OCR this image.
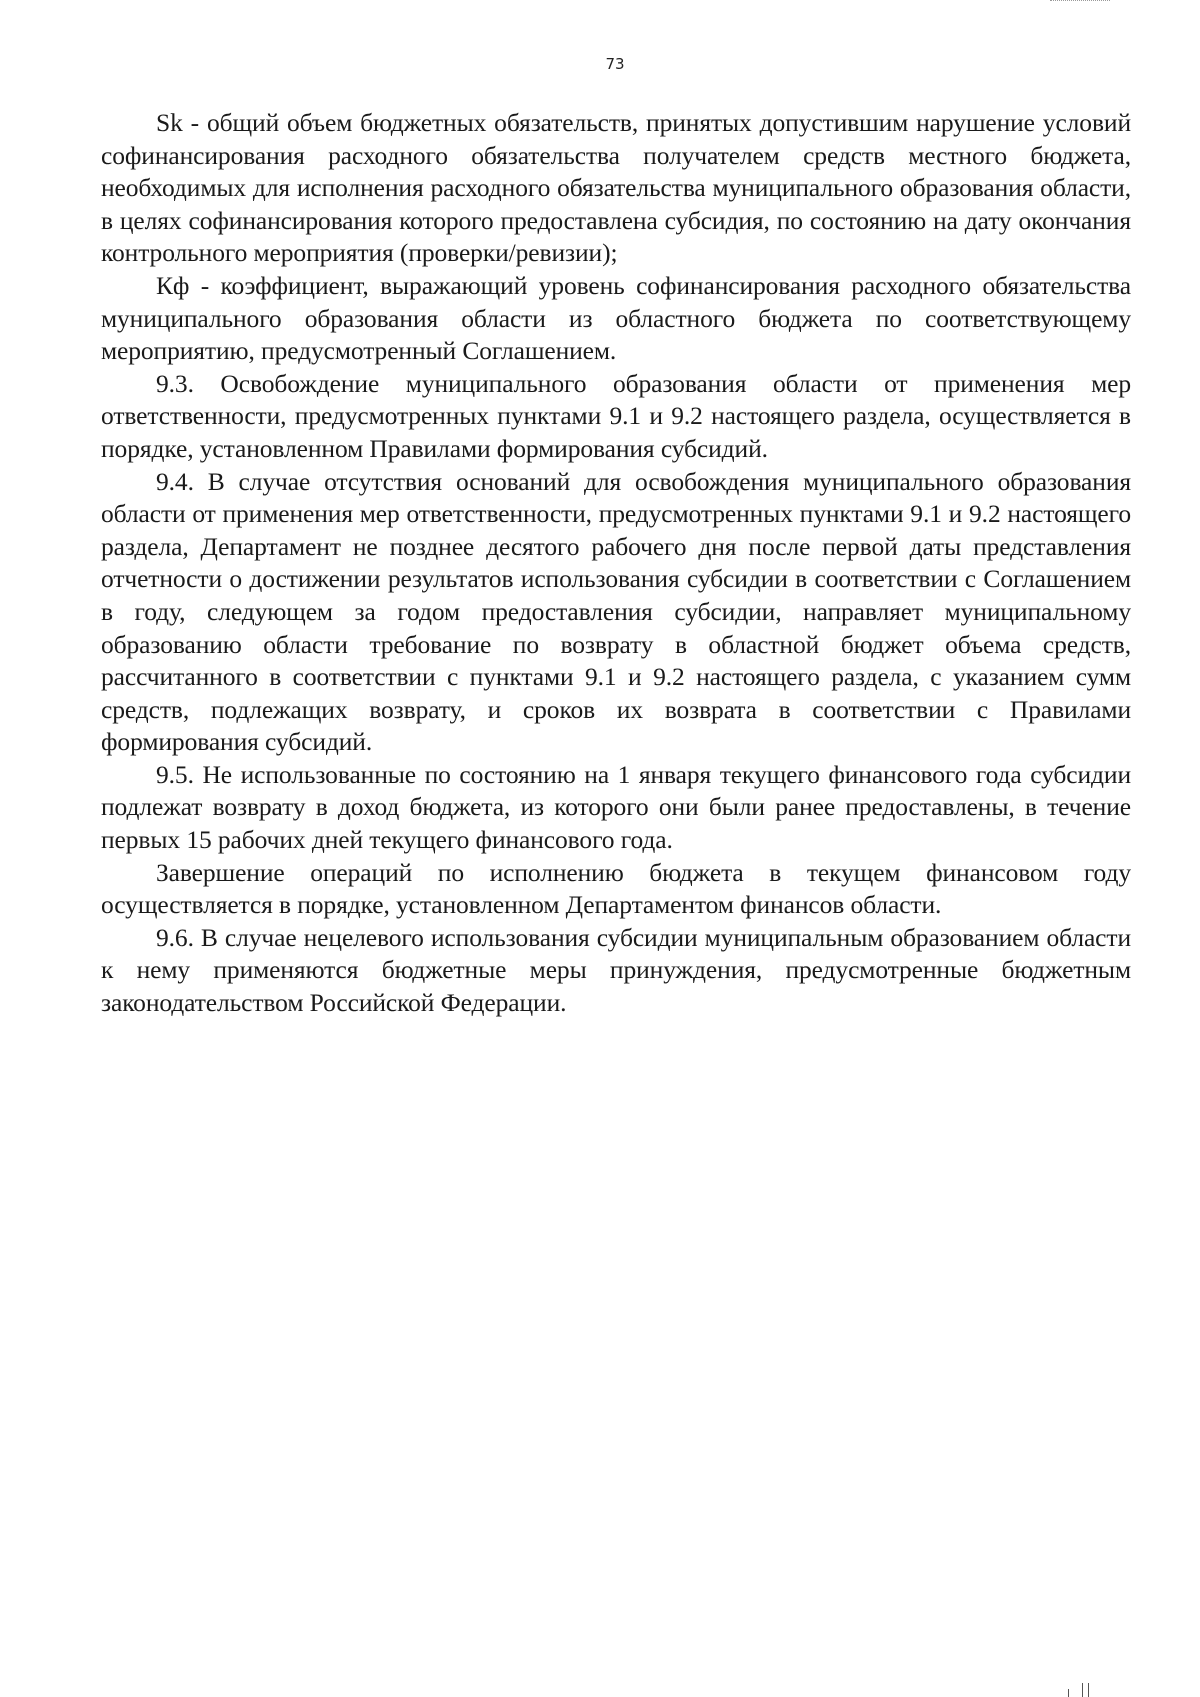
73

Sk - общий объем бюджетных обязательств, принятых допустившим нарушение условий софинансирования расходного обязательства получателем средств местного бюджета, необходимых для исполнения расходного обязательства муниципального образования области, в целях софинансирования которого предоставлена субсидия, по состоянию на дату окончания контрольного мероприятия (проверки/ревизии);

Кф - коэффициент, выражающий уровень софинансирования расходного обязательства муниципального образования области из областного бюджета по соответствующему мероприятию, предусмотренный Соглашением.

9.3. Освобождение муниципального образования области от применения мер ответственности, предусмотренных пунктами 9.1 и 9.2 настоящего раздела, осуществляется в порядке, установленном Правилами формирования субсидий.

9.4. В случае отсутствия оснований для освобождения муниципального образования области от применения мер ответственности, предусмотренных пунктами 9.1 и 9.2 настоящего раздела, Департамент не позднее десятого рабочего дня после первой даты представления отчетности о достижении результатов использования субсидии в соответствии с Соглашением в году, следующем за годом предоставления субсидии, направляет муниципальному образованию области требование по возврату в областной бюджет объема средств, рассчитанного в соответствии с пунктами 9.1 и 9.2 настоящего раздела, с указанием сумм средств, подлежащих возврату, и сроков их возврата в соответствии с Правилами формирования субсидий.

9.5. Не использованные по состоянию на 1 января текущего финансового года субсидии подлежат возврату в доход бюджета, из которого они были ранее предоставлены, в течение первых 15 рабочих дней текущего финансового года.

Завершение операций по исполнению бюджета в текущем финансовом году осуществляется в порядке, установленном Департаментом финансов области.

9.6. В случае нецелевого использования субсидии муниципальным образованием области к нему применяются бюджетные меры принуждения, предусмотренные бюджетным законодательством Российской Федерации.
